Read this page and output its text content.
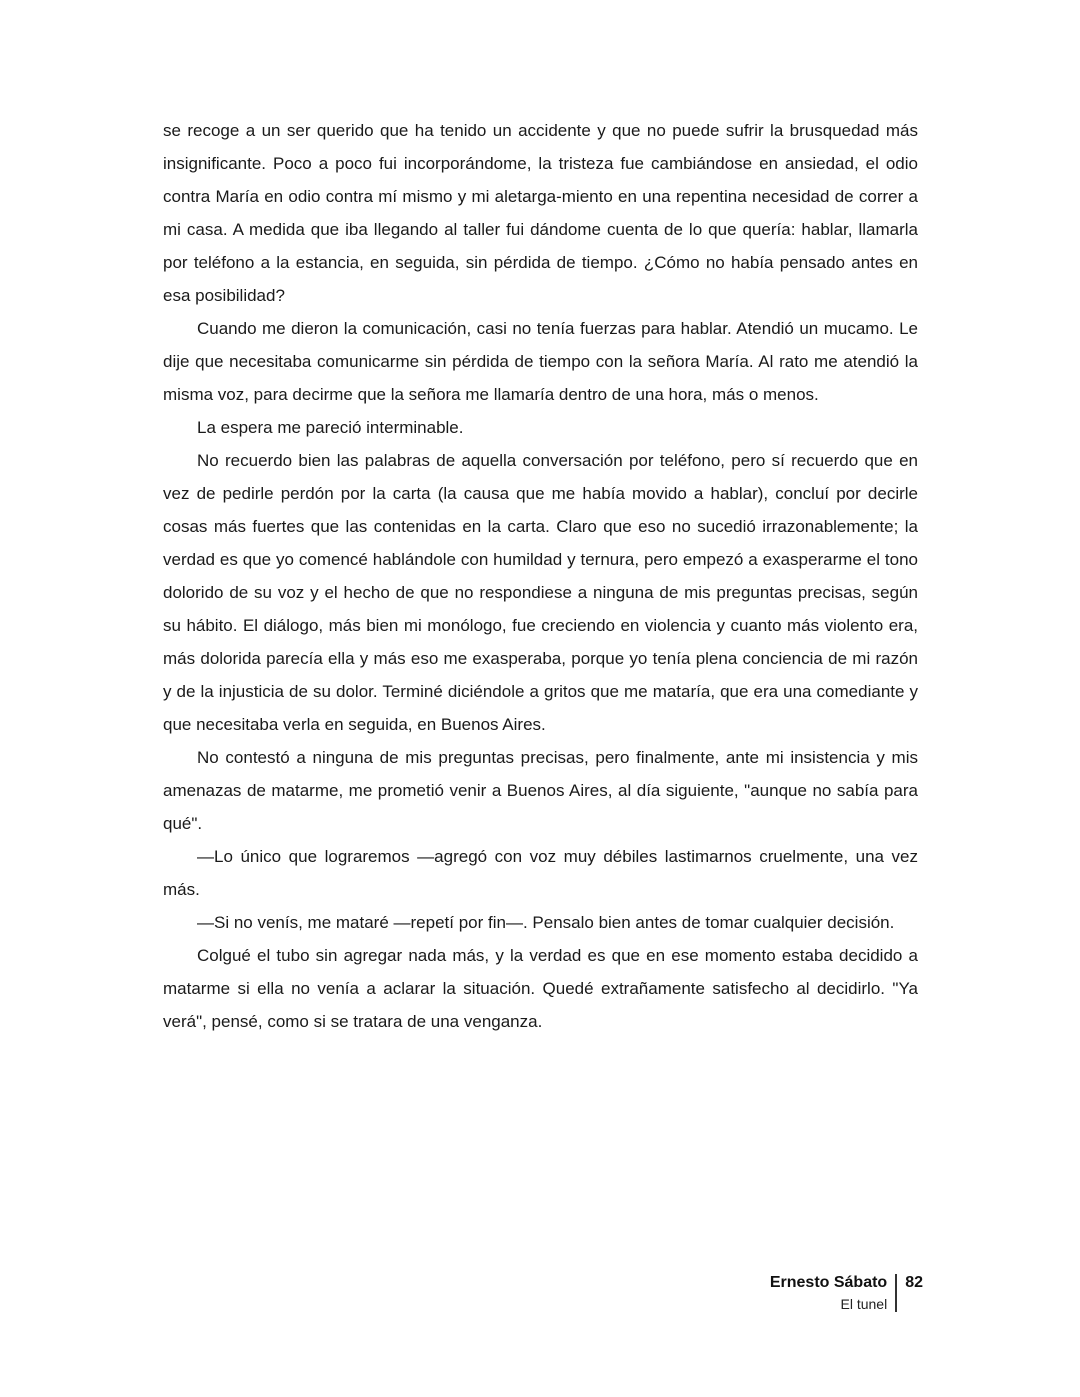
se recoge a un ser querido que ha tenido un accidente y que no puede sufrir la brusquedad más insignificante. Poco a poco fui incorporándome, la tristeza fue cambiándose en ansiedad, el odio contra María en odio contra mí mismo y mi aletarga-miento en una repentina necesidad de correr a mi casa. A medida que iba llegando al taller fui dándome cuenta de lo que quería: hablar, llamarla por teléfono a la estancia, en seguida, sin pérdida de tiempo. ¿Cómo no había pensado antes en esa posibilidad?

Cuando me dieron la comunicación, casi no tenía fuerzas para hablar. Atendió un mucamo. Le dije que necesitaba comunicarme sin pérdida de tiempo con la señora María. Al rato me atendió la misma voz, para decirme que la señora me llamaría dentro de una hora, más o menos.

La espera me pareció interminable.

No recuerdo bien las palabras de aquella conversación por teléfono, pero sí recuerdo que en vez de pedirle perdón por la carta (la causa que me había movido a hablar), concluí por decirle cosas más fuertes que las contenidas en la carta. Claro que eso no sucedió irrazonablemente; la verdad es que yo comencé hablándole con humildad y ternura, pero empezó a exasperarme el tono dolorido de su voz y el hecho de que no respondiese a ninguna de mis preguntas precisas, según su hábito. El diálogo, más bien mi monólogo, fue creciendo en violencia y cuanto más violento era, más dolorida parecía ella y más eso me exasperaba, porque yo tenía plena conciencia de mi razón y de la injusticia de su dolor. Terminé diciéndole a gritos que me mataría, que era una comediante y que necesitaba verla en seguida, en Buenos Aires.

No contestó a ninguna de mis preguntas precisas, pero finalmente, ante mi insistencia y mis amenazas de matarme, me prometió venir a Buenos Aires, al día siguiente, "aunque no sabía para qué".

—Lo único que lograremos —agregó con voz muy débiles lastimarnos cruelmente, una vez más.

—Si no venís, me mataré —repetí por fin—. Pensalo bien antes de tomar cualquier decisión.

Colgué el tubo sin agregar nada más, y la verdad es que en ese momento estaba decidido a matarme si ella no venía a aclarar la situación. Quedé extrañamente satisfecho al decidirlo. "Ya verá", pensé, como si se tratara de una venganza.

Ernesto Sábato
El tunel
82
